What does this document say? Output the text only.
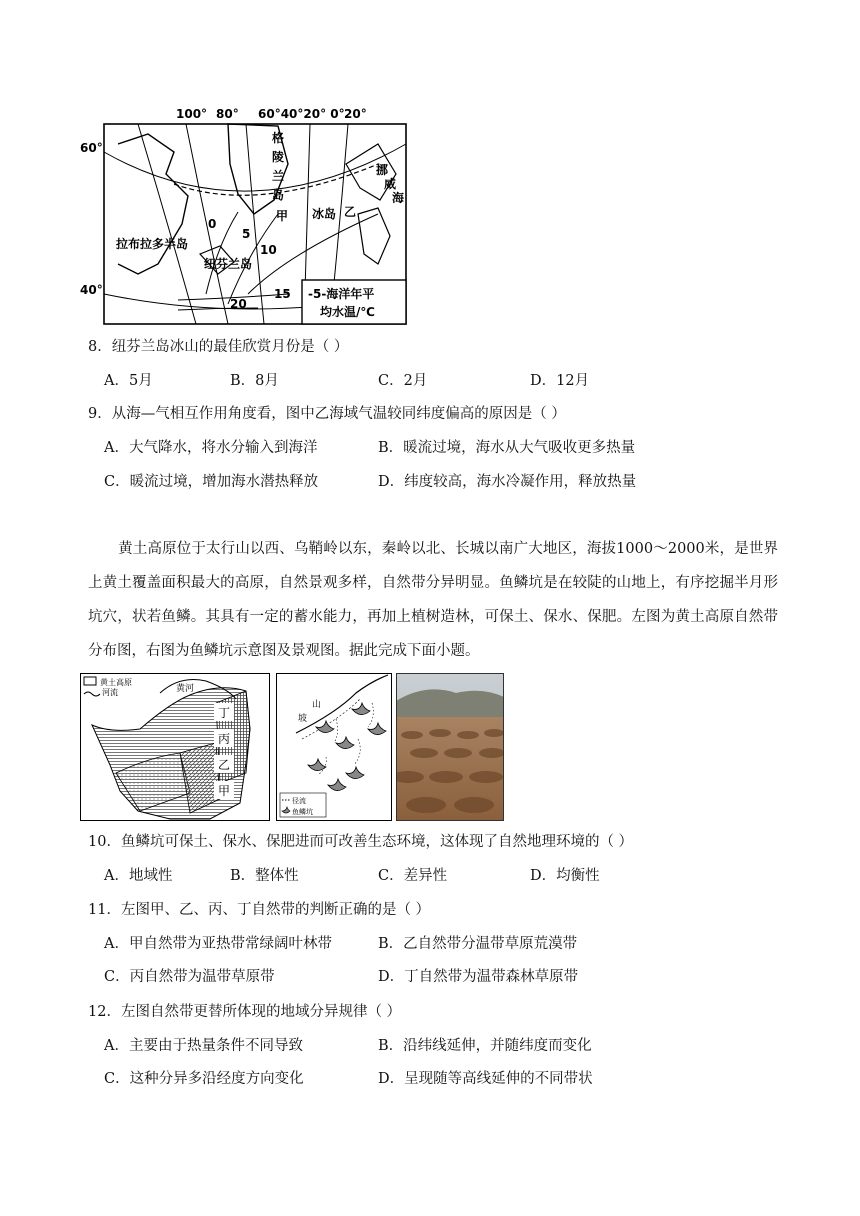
100° 80° 60°40°20° 0° 20°
60°
40°
格 陵 兰 岛
甲 冰岛 乙
挪 威 海
拉布拉多半岛
纽芬兰岛
0
5
10
15
20
-5-海洋年平
均水温/℃
8．纽芬兰岛冰山的最佳欣赏月份是（ ）
A．5月	B．8月	C．2月	D．12月
9．从海—气相互作用角度看，图中乙海域气温较同纬度偏高的原因是（ ）
A．大气降水，将水分输入到海洋	B．暖流过境，海水从大气吸收更多热量
C．暖流过境，增加海水潜热释放	D．纬度较高，海水冷凝作用，释放热量
黄土高原位于太行山以西、乌鞘岭以东，秦岭以北、长城以南广大地区，海拔1000～2000米，是世界上黄土覆盖面积最大的高原，自然景观多样，自然带分异明显。鱼鳞坑是在较陡的山地上，有序挖掘半月形坑穴，状若鱼鳞。其具有一定的蓄水能力，再加上植树造林，可保土、保水、保肥。左图为黄土高原自然带分布图，右图为鱼鳞坑示意图及景观图。据此完成下面小题。
黄土高原
河流	黄河
丁
丙
乙
甲
山
坡
径流
鱼鳞坑
10．鱼鳞坑可保土、保水、保肥进而可改善生态环境，这体现了自然地理环境的（ ）
A．地域性	B．整体性	C．差异性	D．均衡性
11．左图甲、乙、丙、丁自然带的判断正确的是（ ）
A．甲自然带为亚热带常绿阔叶林带	B．乙自然带分温带草原荒漠带
C．丙自然带为温带草原带	D．丁自然带为温带森林草原带
12．左图自然带更替所体现的地域分异规律（ ）
A．主要由于热量条件不同导致	B．沿纬线延伸，并随纬度而变化
C．这种分异多沿经度方向变化	D．呈现随等高线延伸的不同带状
